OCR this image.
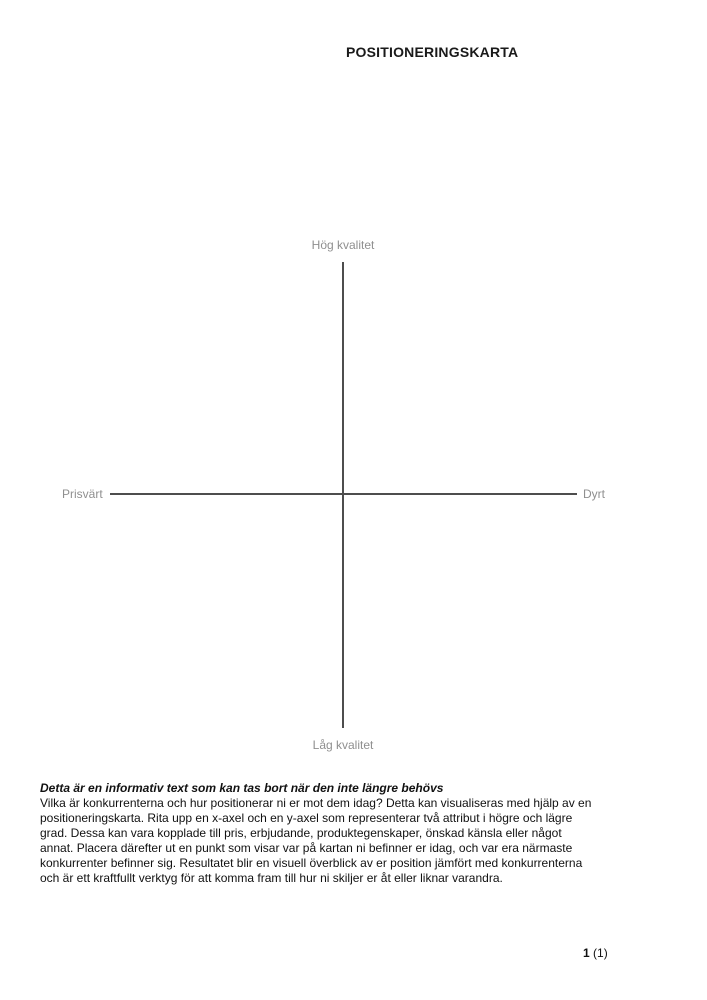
POSITIONERINGSKARTA
Hög kvalitet
Låg kvalitet
Prisvärt	Dyrt

Detta är en informativ text som kan tas bort när den inte längre behövs

Vilka är konkurrenterna och hur positionerar ni er mot dem idag? Detta kan visualiseras med hjälp av en positioneringskarta. Rita upp en x-axel och en y-axel som representerar två attribut i högre och lägre grad. Dessa kan vara kopplade till pris, erbjudande, produktegenskaper, önskad känsla eller något annat. Placera därefter ut en punkt som visar var på kartan ni befinner er idag, och var era närmaste konkurrenter befinner sig. Resultatet blir en visuell överblick av er position jämfört med konkurrenterna och är ett kraftfullt verktyg för att komma fram till hur ni skiljer er åt eller liknar varandra.

1 (1)
